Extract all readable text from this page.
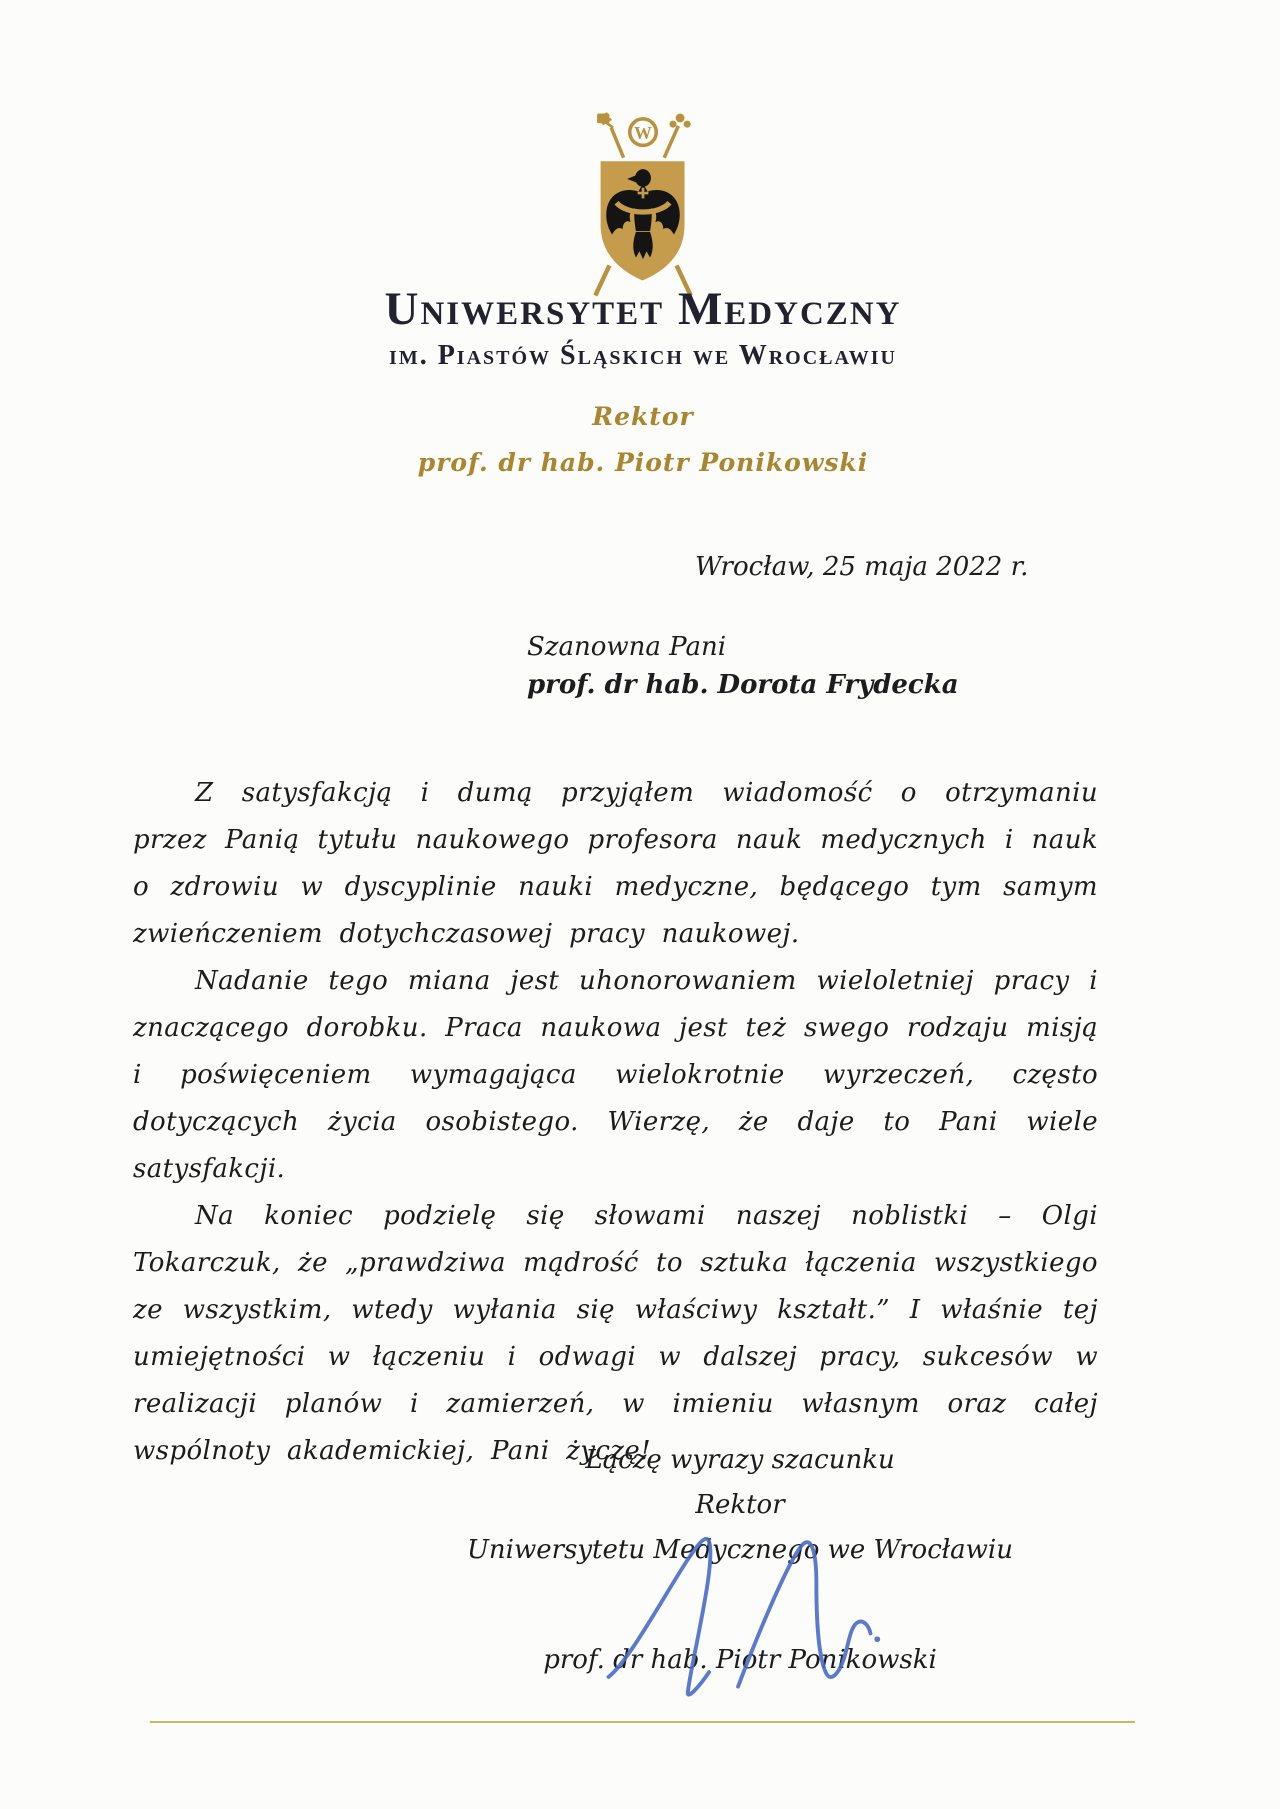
W
Uniwersytet Medyczny
im. Piastów Śląskich we Wrocławiu
Rektor
prof. dr hab. Piotr Ponikowski
Wrocław, 25 maja 2022 r.
Szanowna Pani
prof. dr hab. Dorota Frydecka

Z satysfakcją i dumą przyjąłem wiadomość o otrzymaniu przez Panią tytułu naukowego profesora nauk medycznych i nauk o zdrowiu w dyscyplinie nauki medyczne, będącego tym samym zwieńczeniem dotychczasowej pracy naukowej.

Nadanie tego miana jest uhonorowaniem wieloletniej pracy i znaczącego dorobku. Praca naukowa jest też swego rodzaju misją i poświęceniem wymagająca wielokrotnie wyrzeczeń, często dotyczących życia osobistego. Wierzę, że daje to Pani wiele satysfakcji.

Na koniec podzielę się słowami naszej noblistki – Olgi Tokarczuk, że „prawdziwa mądrość to sztuka łączenia wszystkiego ze wszystkim, wtedy wyłania się właściwy kształt.” I właśnie tej umiejętności w łączeniu i odwagi w dalszej pracy, sukcesów w realizacji planów i zamierzeń, w imieniu własnym oraz całej wspólnoty akademickiej, Pani życzę!

Łączę wyrazy szacunku
Rektor
Uniwersytetu Medycznego we Wrocławiu
prof. dr hab. Piotr Ponikowski
